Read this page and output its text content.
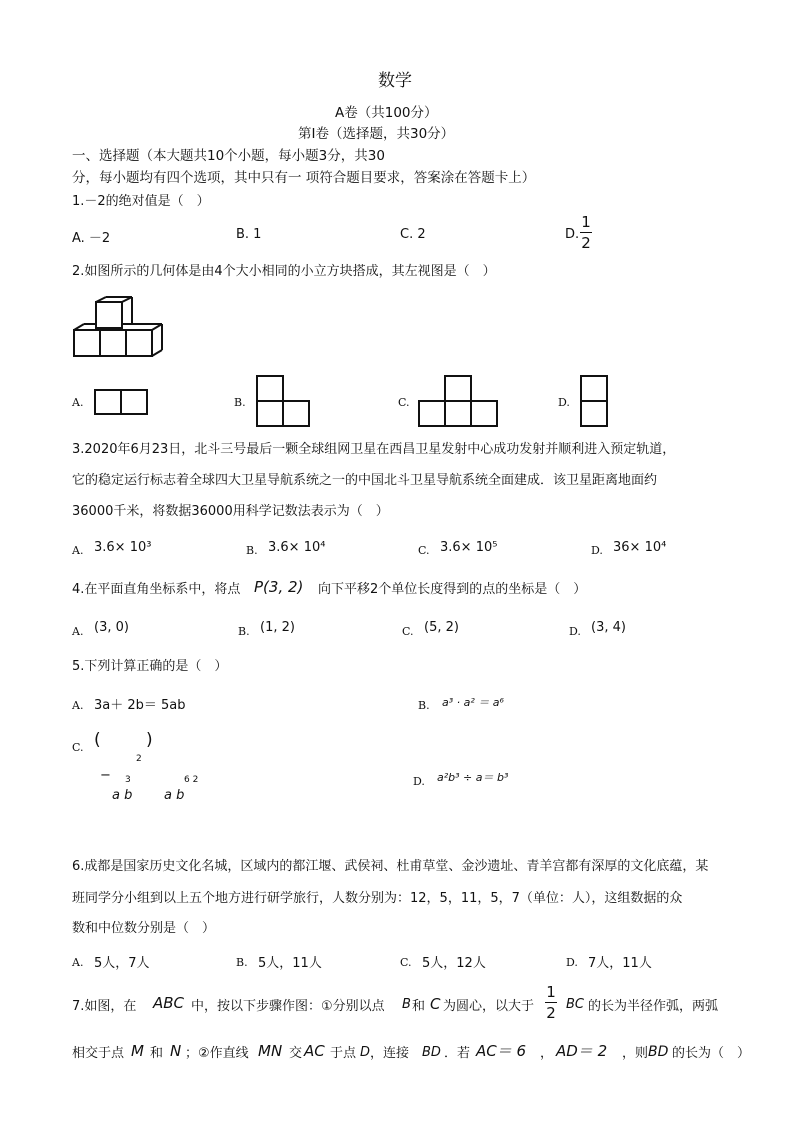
数学
A卷（共100分）
第Ⅰ卷（选择题，共30分）
一、选择题（本大题共10个小题，每小题3分，共30
分，每小题均有四个选项，其中只有一 项符合题目要求，答案涂在答题卡上）
1.－2的绝对值是（　）
A. －2	B. 1	C. 2	D.
1
2
2.如图所示的几何体是由4个大小相同的小立方块搭成，其左视图是（　）
A.	B.	C.	D.
3.2020年6月23日，北斗三号最后一颗全球组网卫星在西昌卫星发射中心成功发射并顺利进入预定轨道，
它的稳定运行标志着全球四大卫星导航系统之一的中国北斗卫星导航系统全面建成．该卫星距离地面约
36000千米，将数据36000用科学记数法表示为（　）
A. 3.6× 10³	B. 3.6× 10⁴	C. 3.6× 10⁵	D. 36× 10⁴
4.在平面直角坐标系中，将点 P(3, 2) 向下平移2个单位长度得到的点的坐标是（　）
A. (3, 0)	B. (1, 2)	C. (5, 2)	D. (3, 4)
5.下列计算正确的是（　）
A. 3a＋ 2b＝ 5ab	B. a³ · a² ＝ a⁶
C. (	)
2
− 3	6 2
a b a b
D. a²b³ ÷ a＝ b³
6.成都是国家历史文化名城，区域内的都江堰、武侯祠、杜甫草堂、金沙遗址、青羊宫都有深厚的文化底蕴，某
班同学分小组到以上五个地方进行研学旅行，人数分别为：12，5，11，5，7（单位：人），这组数据的众
数和中位数分别是（　）
A. 5人，7人	B. 5人，11人	C. 5人，12人	D. 7人，11人
7.如图，在 ABC 中，按以下步骤作图：①分别以点 B 和 C 为圆心，以大于
1
2 BC 的长为半径作弧，两弧
相交于点 M 和 N ；②作直线 MN 交 AC 于点 D ，连接 BD ．若 AC＝ 6 ， AD＝ 2 ，则 BD 的长为（　）
